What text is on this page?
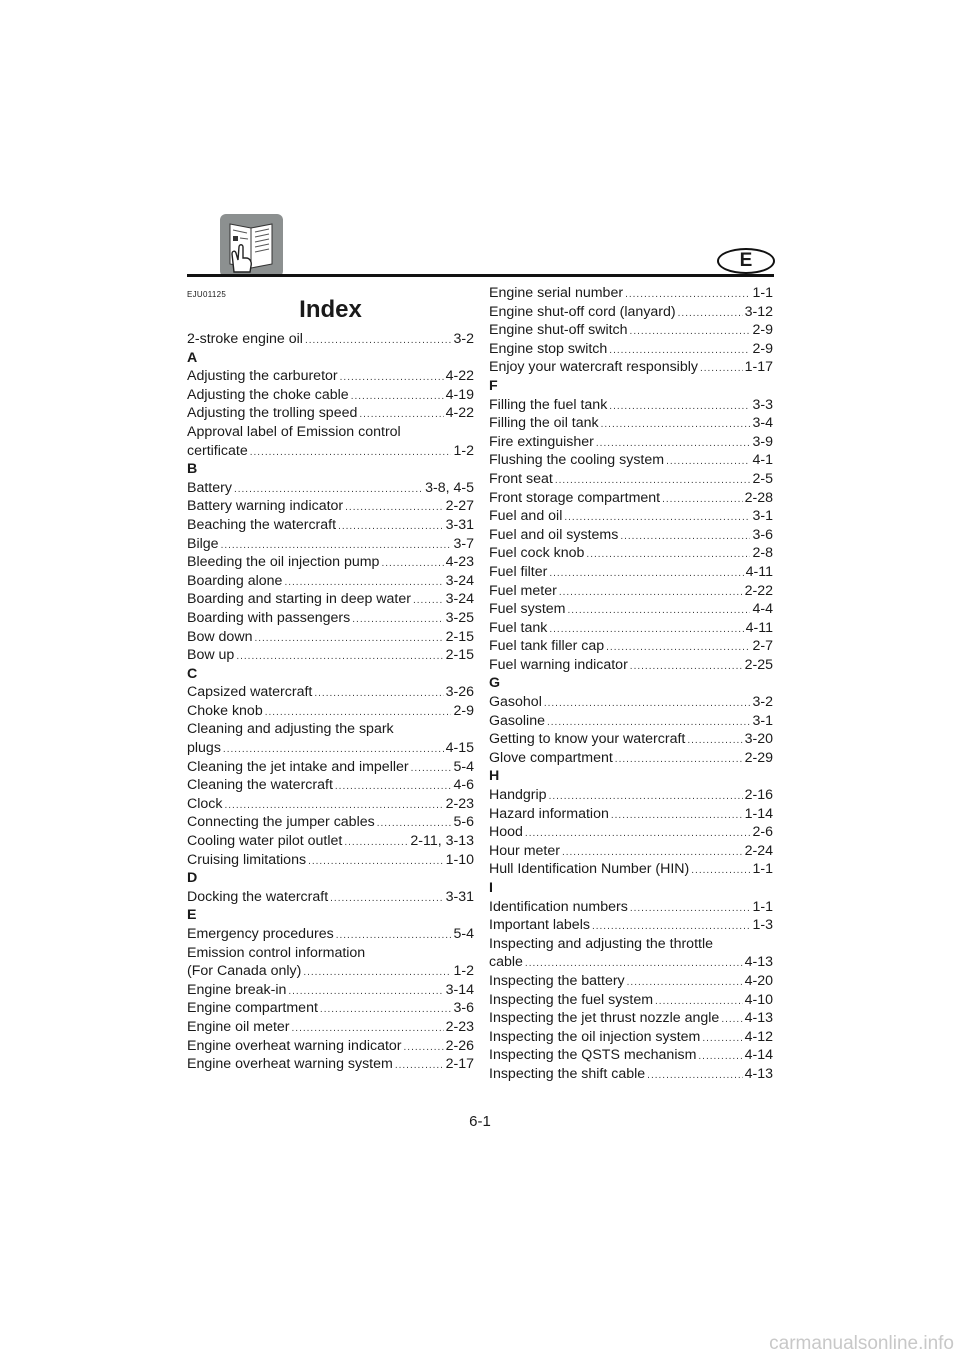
E
EJU01125
Index
2-stroke engine oil .....	3-2
A
Adjusting the carburetor .....	4-22
Adjusting the choke cable .....	4-19
Adjusting the trolling speed .....	4-22
Approval label of Emission control
certificate .....	1-2
B
Battery .....	3-8, 4-5
Battery warning indicator .....	2-27
Beaching the watercraft .....	3-31
Bilge .....	3-7
Bleeding the oil injection pump .....	4-23
Boarding alone .....	3-24
Boarding and starting in deep water ..... 3-24
Boarding with passengers .....	3-25
Bow down .....	2-15
Bow up .....	2-15
C
Capsized watercraft .....	3-26
Choke knob .....	2-9
Cleaning and adjusting the spark
plugs .....	4-15
Cleaning the jet intake and impeller .....	5-4
Cleaning the watercraft .....	4-6
Clock .....	2-23
Connecting the jumper cables .....	5-6
Cooling water pilot outlet .....	2-11, 3-13
Cruising limitations .....	1-10
D
Docking the watercraft .....	3-31
E
Emergency procedures .....	5-4
Emission control information
(For Canada only) .....	1-2
Engine break-in .....	3-14
Engine compartment .....	3-6
Engine oil meter .....	2-23
Engine overheat warning indicator .....	2-26
Engine overheat warning system .....	2-17
Engine serial number .....	1-1
Engine shut-off cord (lanyard) .....	3-12
Engine shut-off switch .....	2-9
Engine stop switch .....	2-9
Enjoy your watercraft responsibly .....	1-17
F
Filling the fuel tank .....	3-3
Filling the oil tank .....	3-4
Fire extinguisher .....	3-9
Flushing the cooling system .....	4-1
Front seat .....	2-5
Front storage compartment .....	2-28
Fuel and oil .....	3-1
Fuel and oil systems .....	3-6
Fuel cock knob .....	2-8
Fuel filter .....	4-11
Fuel meter .....	2-22
Fuel system .....	4-4
Fuel tank .....	4-11
Fuel tank filler cap .....	2-7
Fuel warning indicator .....	2-25
G
Gasohol .....	3-2
Gasoline .....	3-1
Getting to know your watercraft .....	3-20
Glove compartment .....	2-29
H
Handgrip .....	2-16
Hazard information .....	1-14
Hood .....	2-6
Hour meter .....	2-24
Hull Identification Number (HIN) .....	1-1
I
Identification numbers .....	1-1
Important labels .....	1-3
Inspecting and adjusting the throttle
cable .....	4-13
Inspecting the battery .....	4-20
Inspecting the fuel system .....	4-10
Inspecting the jet thrust nozzle angle ..... 4-13
Inspecting the oil injection system .....	4-12
Inspecting the QSTS mechanism .....	4-14
Inspecting the shift cable .....	4-13
6-1
carmanualsonline.info
